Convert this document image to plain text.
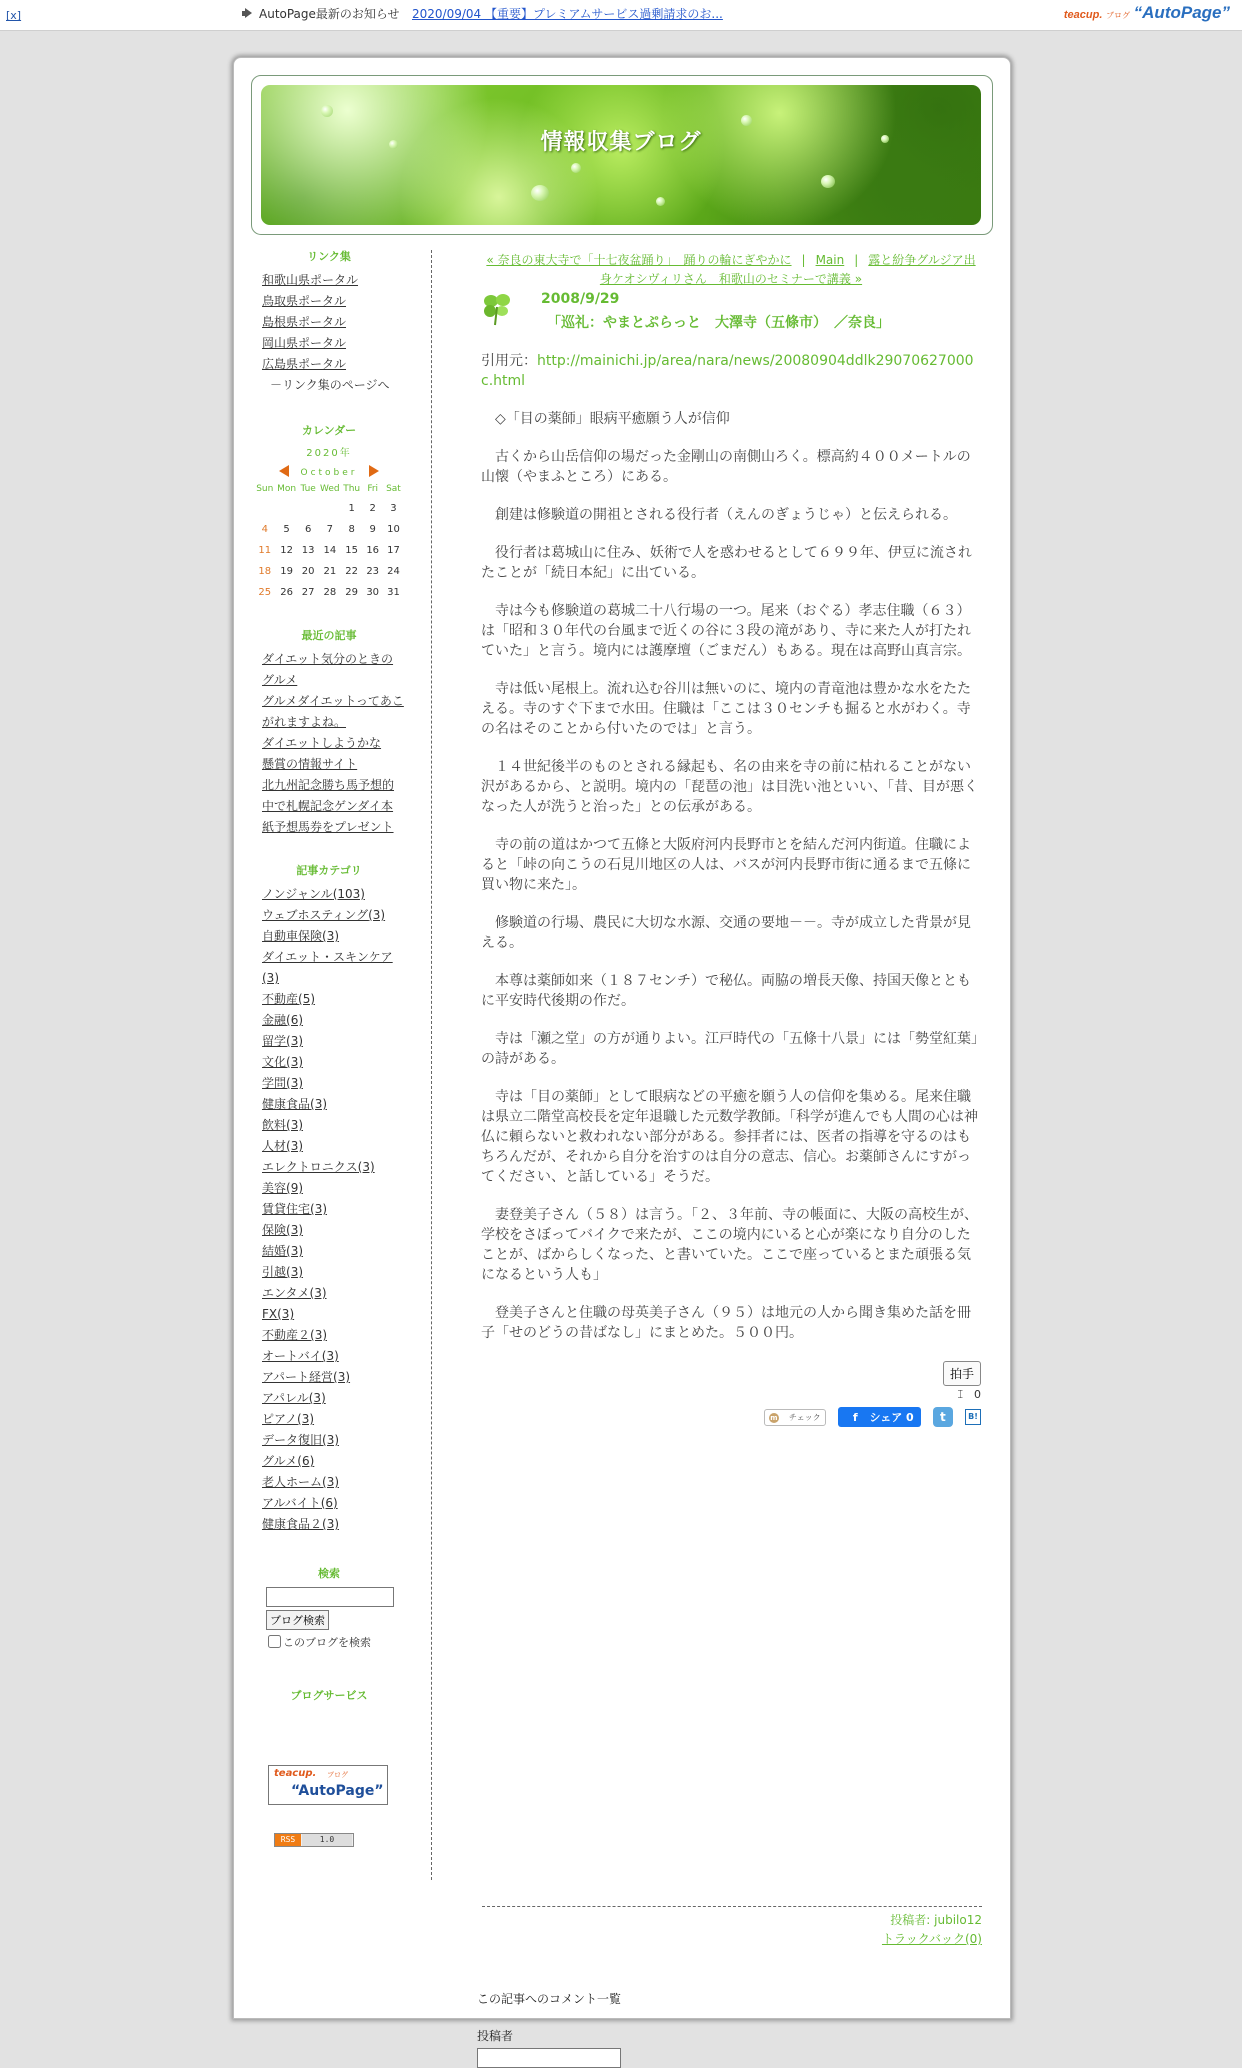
[x]	AutoPage最新のお知らせ 2020/09/04 【重要】プレミアムサービス過剰請求のお...	teacup. ブログ “AutoPage”
情報収集ブログ
リンク集
和歌山県ポータル
鳥取県ポータル
島根県ポータル
岡山県ポータル
広島県ポータル
－リンク集のページへ
カレンダー
2020年
October
Sun	Mon	Tue	Wed	Thu	Fri	Sat
				1	2	3
4	5	6	7	8	9	10
11	12	13	14	15	16	17
18	19	20	21	22	23	24
25	26	27	28	29	30	31
最近の記事
ダイエット気分のときのグルメ
グルメダイエットってあこがれますよね。
ダイエットしようかな
懸賞の情報サイト
北九州記念勝ち馬予想的中で札幌記念ゲンダイ本紙予想馬券をプレゼント
記事カテゴリ
ノンジャンル(103)
ウェブホスティング(3)
自動車保険(3)
ダイエット・スキンケア(3)
不動産(5)
金融(6)
留学(3)
文化(3)
学問(3)
健康食品(3)
飲料(3)
人材(3)
エレクトロニクス(3)
美容(9)
賃貸住宅(3)
保険(3)
結婚(3)
引越(3)
エンタメ(3)
FX(3)
不動産２(3)
オートバイ(3)
アパート経営(3)
アパレル(3)
ピアノ(3)
データ復旧(3)
グルメ(6)
老人ホーム(3)
アルバイト(6)
健康食品２(3)
検索

ブログ検索
このブログを検索
ブログサービス
teacup. ブログ
“AutoPage”
RSS	1.0
« 奈良の東大寺で「十七夜盆踊り」　踊りの輪にぎやかに | Main | 露と紛争グルジア出身ケオシヴィリさん　和歌山のセミナーで講義 »
2008/9/29
「巡礼：やまとぷらっと　大澤寺（五條市）　／奈良」

引用元：http://mainichi.jp/area/nara/news/20080904ddlk29070627000c.html

　◇「目の薬師」眼病平癒願う人が信仰

　古くから山岳信仰の場だった金剛山の南側山ろく。標高約４００メートルの山懐（やまふところ）にある。

　創建は修験道の開祖とされる役行者（えんのぎょうじゃ）と伝えられる。

　役行者は葛城山に住み、妖術で人を惑わせるとして６９９年、伊豆に流されたことが「続日本紀」に出ている。

　寺は今も修験道の葛城二十八行場の一つ。尾来（おぐる）孝志住職（６３）は「昭和３０年代の台風まで近くの谷に３段の滝があり、寺に来た人が打たれていた」と言う。境内には護摩壇（ごまだん）もある。現在は高野山真言宗。

　寺は低い尾根上。流れ込む谷川は無いのに、境内の青竜池は豊かな水をたたえる。寺のすぐ下まで水田。住職は「ここは３０センチも掘ると水がわく。寺の名はそのことから付いたのでは」と言う。

　１４世紀後半のものとされる縁起も、名の由来を寺の前に枯れることがない沢があるから、と説明。境内の「琵琶の池」は目洗い池といい、「昔、目が悪くなった人が洗うと治った」との伝承がある。

　寺の前の道はかつて五條と大阪府河内長野市とを結んだ河内街道。住職によると「峠の向こうの石見川地区の人は、バスが河内長野市街に通るまで五條に買い物に来た」。

　修験道の行場、農民に大切な水源、交通の要地－－。寺が成立した背景が見える。

　本尊は薬師如来（１８７センチ）で秘仏。両脇の増長天像、持国天像とともに平安時代後期の作だ。

　寺は「瀬之堂」の方が通りよい。江戸時代の「五條十八景」には「勢堂紅葉」の詩がある。

　寺は「目の薬師」として眼病などの平癒を願う人の信仰を集める。尾来住職は県立二階堂高校長を定年退職した元数学教師。「科学が進んでも人間の心は神仏に頼らないと救われない部分がある。参拝者には、医者の指導を守るのはもちろんだが、それから自分を治すのは自分の意志、信心。お薬師さんにすがってください、と話している」そうだ。

　妻登美子さん（５８）は言う。「２、３年前、寺の帳面に、大阪の高校生が、学校をさぼってバイクで来たが、ここの境内にいると心が楽になり自分のしたことが、ばからしくなった、と書いていた。ここで座っているとまた頑張る気になるという人も」

　登美子さんと住職の母英美子さん（９５）は地元の人から聞き集めた話を冊子「せのどうの昔ばなし」にまとめた。５００円。

拍手
ꀤ 0
m チェック	f シェア 0 t	B!
投稿者: jubilo12
トラックバック(0)
この記事へのコメント一覧
投稿者
